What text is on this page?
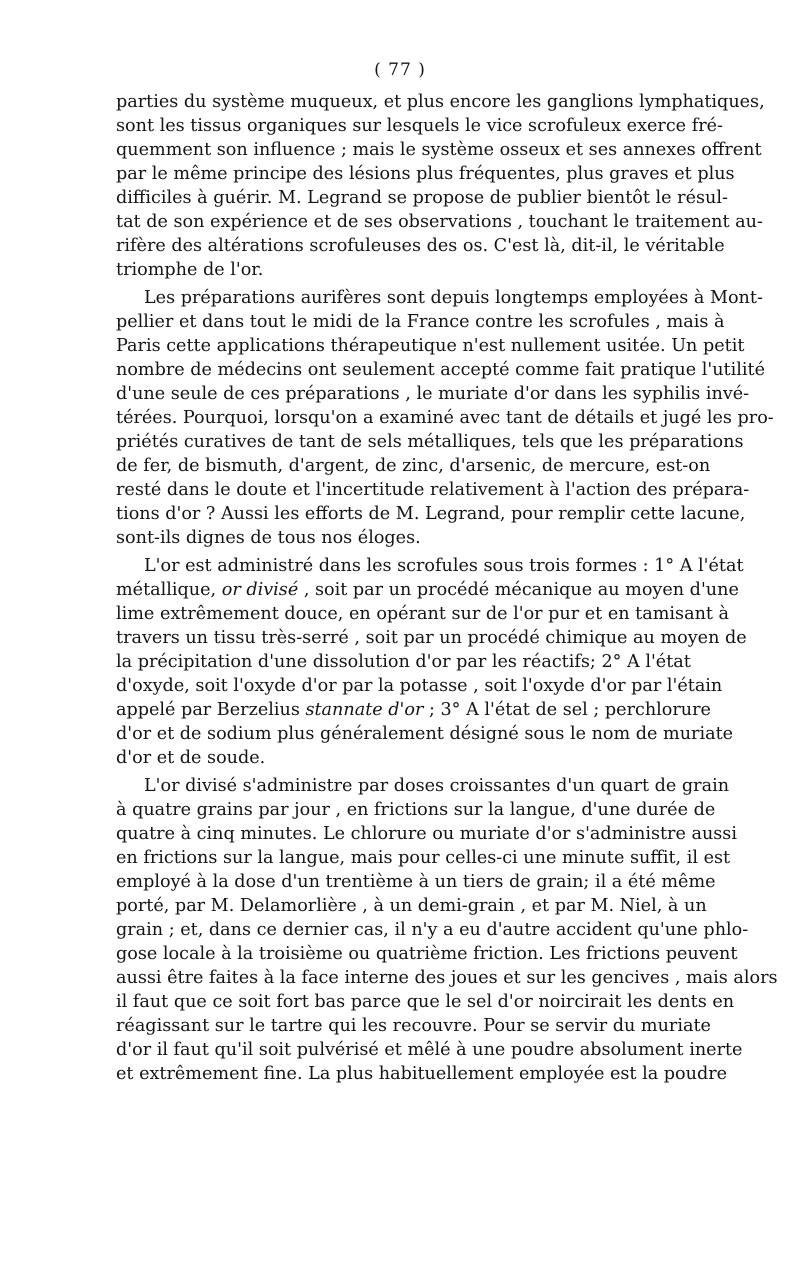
( 77 )
parties du système muqueux, et plus encore les ganglions lymphatiques,
sont les tissus organiques sur lesquels le vice scrofuleux exerce fré-
quemment son influence ; mais le système osseux et ses annexes offrent
par le même principe des lésions plus fréquentes, plus graves et plus
difficiles à guérir. M. Legrand se propose de publier bientôt le résul-
tat de son expérience et de ses observations , touchant le traitement au-
rifère des altérations scrofuleuses des os. C'est là, dit-il, le véritable
triomphe de l'or.
Les préparations aurifères sont depuis longtemps employées à Mont-
pellier et dans tout le midi de la France contre les scrofules , mais à
Paris cette applications thérapeutique n'est nullement usitée. Un petit
nombre de médecins ont seulement accepté comme fait pratique l'utilité
d'une seule de ces préparations , le muriate d'or dans les syphilis invé-
térées. Pourquoi, lorsqu'on a examiné avec tant de détails et jugé les pro-
priétés curatives de tant de sels métalliques, tels que les préparations
de fer, de bismuth, d'argent, de zinc, d'arsenic, de mercure, est-on
resté dans le doute et l'incertitude relativement à l'action des prépara-
tions d'or ? Aussi les efforts de M. Legrand, pour remplir cette lacune,
sont-ils dignes de tous nos éloges.
L'or est administré dans les scrofules sous trois formes : 1° A l'état
métallique, or divisé , soit par un procédé mécanique au moyen d'une
lime extrêmement douce, en opérant sur de l'or pur et en tamisant à
travers un tissu très-serré , soit par un procédé chimique au moyen de
la précipitation d'une dissolution d'or par les réactifs; 2° A l'état
d'oxyde, soit l'oxyde d'or par la potasse , soit l'oxyde d'or par l'étain
appelé par Berzelius stannate d'or ; 3° A l'état de sel ; perchlorure
d'or et de sodium plus généralement désigné sous le nom de muriate
d'or et de soude.
L'or divisé s'administre par doses croissantes d'un quart de grain
à quatre grains par jour , en frictions sur la langue, d'une durée de
quatre à cinq minutes. Le chlorure ou muriate d'or s'administre aussi
en frictions sur la langue, mais pour celles-ci une minute suffit, il est
employé à la dose d'un trentième à un tiers de grain; il a été même
porté, par M. Delamorlière , à un demi-grain , et par M. Niel, à un
grain ; et, dans ce dernier cas, il n'y a eu d'autre accident qu'une phlo-
gose locale à la troisième ou quatrième friction. Les frictions peuvent
aussi être faites à la face interne des joues et sur les gencives , mais alors
il faut que ce soit fort bas parce que le sel d'or noircirait les dents en
réagissant sur le tartre qui les recouvre. Pour se servir du muriate
d'or il faut qu'il soit pulvérisé et mêlé à une poudre absolument inerte
et extrêmement fine. La plus habituellement employée est la poudre
